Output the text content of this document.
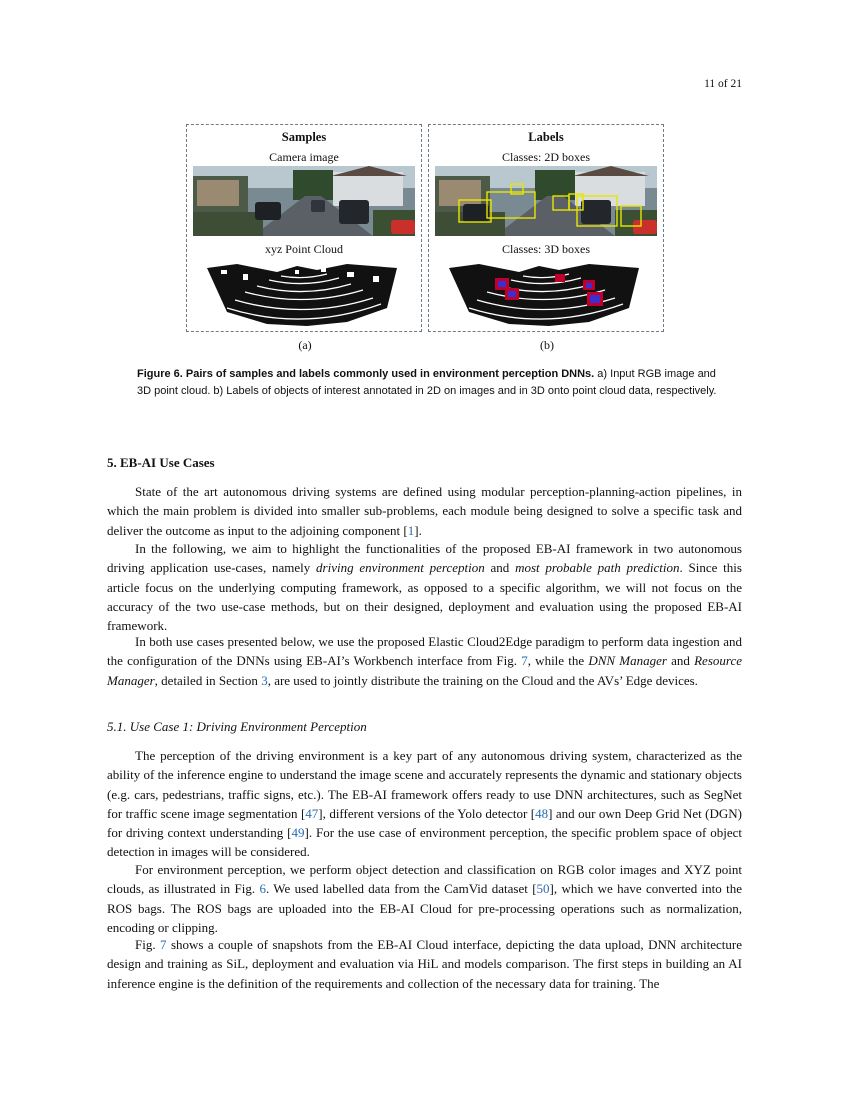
11 of 21
Samples
Camera image
xyz Point Cloud
Labels
Classes: 2D boxes
Classes: 3D boxes
(a)	(b)
Figure 6. Pairs of samples and labels commonly used in environment perception DNNs. a) Input RGB image and 3D point cloud. b) Labels of objects of interest annotated in 2D on images and in 3D onto point cloud data, respectively.
5. EB-AI Use Cases
State of the art autonomous driving systems are defined using modular perception-planning-action pipelines, in which the main problem is divided into smaller sub-problems, each module being designed to solve a specific task and deliver the outcome as input to the adjoining component [1].
In the following, we aim to highlight the functionalities of the proposed EB-AI framework in two autonomous driving application use-cases, namely driving environment perception and most probable path prediction. Since this article focus on the underlying computing framework, as opposed to a specific algorithm, we will not focus on the accuracy of the two use-case methods, but on their designed, deployment and evaluation using the proposed EB-AI framework.
In both use cases presented below, we use the proposed Elastic Cloud2Edge paradigm to perform data ingestion and the configuration of the DNNs using EB-AI’s Workbench interface from Fig. 7, while the DNN Manager and Resource Manager, detailed in Section 3, are used to jointly distribute the training on the Cloud and the AVs’ Edge devices.
5.1. Use Case 1: Driving Environment Perception
The perception of the driving environment is a key part of any autonomous driving system, characterized as the ability of the inference engine to understand the image scene and accurately represents the dynamic and stationary objects (e.g. cars, pedestrians, traffic signs, etc.). The EB-AI framework offers ready to use DNN architectures, such as SegNet for traffic scene image segmentation [47], different versions of the Yolo detector [48] and our own Deep Grid Net (DGN) for driving context understanding [49]. For the use case of environment perception, the specific problem space of object detection in images will be considered.
For environment perception, we perform object detection and classification on RGB color images and XYZ point clouds, as illustrated in Fig. 6. We used labelled data from the CamVid dataset [50], which we have converted into the ROS bags. The ROS bags are uploaded into the EB-AI Cloud for pre-processing operations such as normalization, encoding or clipping.
Fig. 7 shows a couple of snapshots from the EB-AI Cloud interface, depicting the data upload, DNN architecture design and training as SiL, deployment and evaluation via HiL and models comparison. The first steps in building an AI inference engine is the definition of the requirements and collection of the necessary data for training. The
